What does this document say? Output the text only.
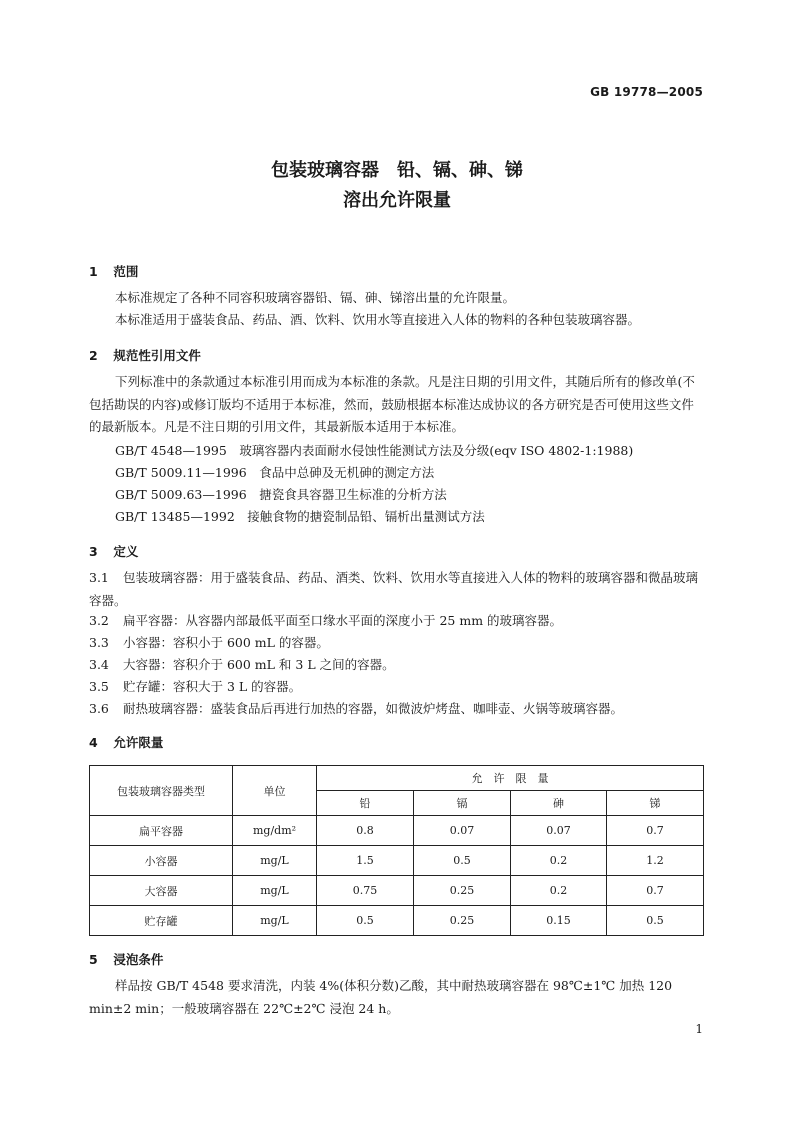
GB 19778—2005
包装玻璃容器　铅、镉、砷、锑
溶出允许限量
1 范围
本标准规定了各种不同容积玻璃容器铅、镉、砷、锑溶出量的允许限量。
本标准适用于盛装食品、药品、酒、饮料、饮用水等直接进入人体的物料的各种包装玻璃容器。
2 规范性引用文件
下列标准中的条款通过本标准引用而成为本标准的条款。凡是注日期的引用文件，其随后所有的修改单(不包括勘误的内容)或修订版均不适用于本标准，然而，鼓励根据本标准达成协议的各方研究是否可使用这些文件的最新版本。凡是不注日期的引用文件，其最新版本适用于本标准。
GB/T 4548—1995　玻璃容器内表面耐水侵蚀性能测试方法及分级(eqv ISO 4802-1:1988)
GB/T 5009.11—1996　食品中总砷及无机砷的测定方法
GB/T 5009.63—1996　搪瓷食具容器卫生标准的分析方法
GB/T 13485—1992　接触食物的搪瓷制品铅、镉析出量测试方法
3 定义
3.1 包装玻璃容器：用于盛装食品、药品、酒类、饮料、饮用水等直接进入人体的物料的玻璃容器和微晶玻璃容器。
3.2 扁平容器：从容器内部最低平面至口缘水平面的深度小于 25 mm 的玻璃容器。
3.3 小容器：容积小于 600 mL 的容器。
3.4 大容器：容积介于 600 mL 和 3 L 之间的容器。
3.5 贮存罐：容积大于 3 L 的容器。
3.6 耐热玻璃容器：盛装食品后再进行加热的容器，如微波炉烤盘、咖啡壶、火锅等玻璃容器。
4 允许限量
包装玻璃容器类型	单位	允　许　限　量			
		铅	镉	砷	锑
扁平容器	mg/dm²	0.8	0.07	0.07	0.7
小容器	mg/L	1.5	0.5	0.2	1.2
大容器	mg/L	0.75	0.25	0.2	0.7
贮存罐	mg/L	0.5	0.25	0.15	0.5
5 浸泡条件
样品按 GB/T 4548 要求清洗，内装 4%(体积分数)乙酸，其中耐热玻璃容器在 98℃±1℃ 加热 120 min±2 min；一般玻璃容器在 22℃±2℃ 浸泡 24 h。
1
